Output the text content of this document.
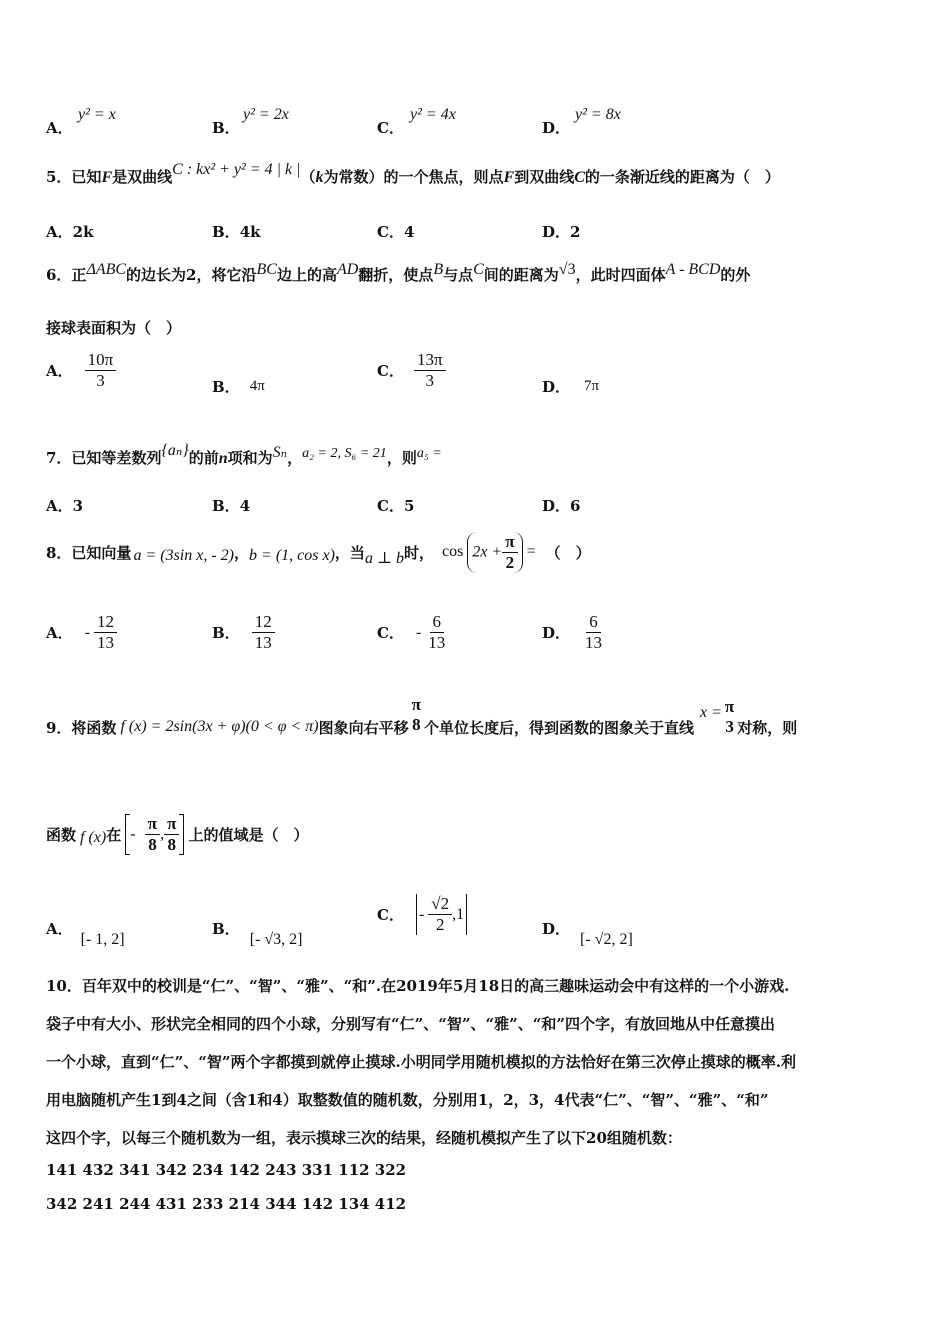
A．
y² = x
B．
y² = 2x
C．
y² = 4x
D．
y² = 8x
5．已知F是双曲线C : kx² + y² = 4 | k |（k为常数）的一个焦点，则点F到双曲线C的一条渐近线的距离为（　）
A．2k	B．4k	C．4	D．2
6．正ΔABC的边长为2，将它沿BC边上的高AD翻折，使点B与点C间的距离为√3，此时四面体A - BCD的外
接球表面积为（　）
A． $\frac{10\pi}{3}$	B． 4π
C． $\frac{13\pi}{3}$	D． 7π
7．已知等差数列{aₙ}的前n项和为Sₙ，a₂ = 2, S₆ = 21，则a₅ =
A．3	B．4	C．5	D．6
8．已知向量 a = (3sin x, - 2) ， b = (1, cos x) ，当 a ⊥ b 时， $\cos 2x + \frac{\pi}{2}$ = （　）
A． - $\frac{12}{13}$	B． $\frac{12}{13}$	C． - $\frac{6}{13}$	D． $\frac{6}{13}$
9．将函数 f (x) = 2sin(3x + φ)(0 < φ < π) 图象向右平移
π
8 个单位长度后，得到函数的图象关于直线
x = π
3 对称，则
函数 f (x) 在 - $\frac{\pi}{8}$ , $\frac{\pi}{8}$ 上的值域是（　）
A．
[- 1, 2]
B．
[- √3, 2]
C． - $\frac{√2}{2} ,1$
D．
[- √2, 2]
10．百年双中的校训是“仁”、“智”、“雅”、“和”.在2019年5月18日的高三趣味运动会中有这样的一个小游戏.
袋子中有大小、形状完全相同的四个小球，分别写有“仁”、“智”、“雅”、“和”四个字，有放回地从中任意摸出
一个小球，直到“仁”、“智”两个字都摸到就停止摸球.小明同学用随机模拟的方法恰好在第三次停止摸球的概率.利
用电脑随机产生1到4之间（含1和4）取整数值的随机数，分别用1，2，3，4代表“仁”、“智”、“雅”、“和”
这四个字，以每三个随机数为一组，表示摸球三次的结果，经随机模拟产生了以下20组随机数：
141 432 341 342 234 142 243 331 112 322
342 241 244 431 233 214 344 142 134 412
